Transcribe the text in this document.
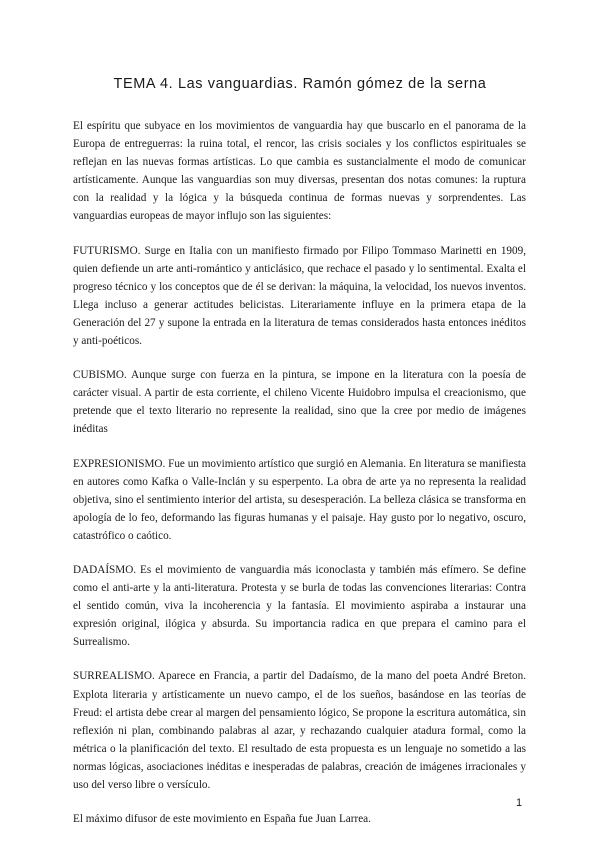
TEMA 4. Las vanguardias. Ramón gómez de la serna

El espíritu que subyace en los movimientos de vanguardia hay que buscarlo en el panorama de la Europa de entreguerras: la ruina total, el rencor, las crisis sociales y los conflictos espirituales se reflejan en las nuevas formas artísticas. Lo que cambia es sustancialmente el modo de comunicar artísticamente. Aunque las vanguardias son muy diversas, presentan dos notas comunes: la ruptura con la realidad y la lógica y la búsqueda continua de formas nuevas y sorprendentes. Las vanguardias europeas de mayor influjo son las siguientes:

FUTURISMO. Surge en Italia con un manifiesto firmado por Filipo Tommaso Marinetti en 1909, quien defiende un arte anti-romántico y anticlásico, que rechace el pasado y lo sentimental. Exalta el progreso técnico y los conceptos que de él se derivan: la máquina, la velocidad, los nuevos inventos. Llega incluso a generar actitudes belicistas. Literariamente influye en la primera etapa de la Generación del 27 y supone la entrada en la literatura de temas considerados hasta entonces inéditos y anti-poéticos.

CUBISMO. Aunque surge con fuerza en la pintura, se impone en la literatura con la poesía de carácter visual. A partir de esta corriente, el chileno Vicente Huidobro impulsa el creacionismo, que pretende que el texto literario no represente la realidad, sino que la cree por medio de imágenes inéditas

EXPRESIONISMO. Fue un movimiento artístico que surgió en Alemania. En literatura se manifiesta en autores como Kafka o Valle-Inclán y su esperpento. La obra de arte ya no representa la realidad objetiva, sino el sentimiento interior del artista, su desesperación. La belleza clásica se transforma en apología de lo feo, deformando las figuras humanas y el paisaje. Hay gusto por lo negativo, oscuro, catastrófico o caótico.

DADAÍSMO. Es el movimiento de vanguardia más iconoclasta y también más efímero. Se define como el anti-arte y la anti-literatura. Protesta y se burla de todas las convenciones literarias: Contra el sentido común, viva la incoherencia y la fantasía. El movimiento aspiraba a instaurar una expresión original, ilógica y absurda. Su importancia radica en que prepara el camino para el Surrealismo.

SURREALISMO. Aparece en Francia, a partir del Dadaísmo, de la mano del poeta André Breton. Explota literaria y artísticamente un nuevo campo, el de los sueños, basándose en las teorías de Freud: el artista debe crear al margen del pensamiento lógico, Se propone la escritura automática, sin reflexión ni plan, combinando palabras al azar, y rechazando cualquier atadura formal, como la métrica o la planificación del texto. El resultado de esta propuesta es un lenguaje no sometido a las normas lógicas, asociaciones inéditas e inesperadas de palabras, creación de imágenes irracionales y uso del verso libre o versículo.

El máximo difusor de este movimiento en España fue Juan Larrea.

1
